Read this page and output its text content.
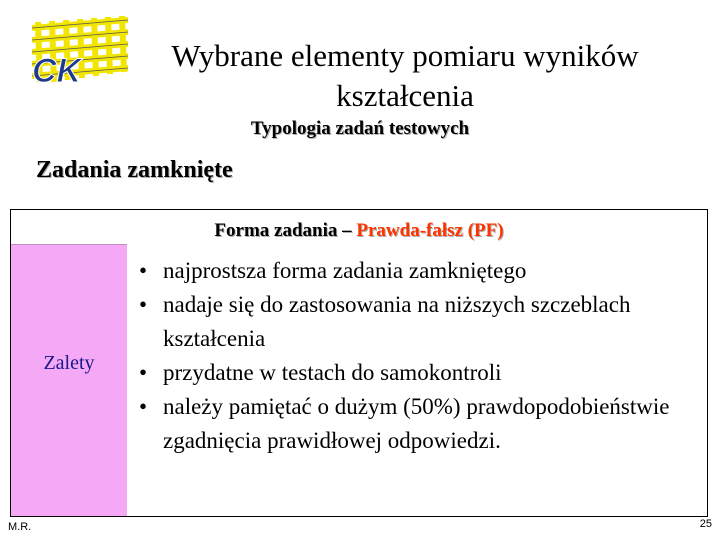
CK	Wybrane elementy pomiaru wyników kształcenia
Typologia zadań testowych
Zadania zamknięte
Forma zadania – Prawda-fałsz (PF)
Zalety
• najprostsza forma zadania zamkniętego
• nadaje się do zastosowania na niższych szczeblach kształcenia
• przydatne w testach do samokontroli
• należy pamiętać o dużym (50%) prawdopodobieństwie zgadnięcia prawidłowej odpowiedzi.
M.R.	25
